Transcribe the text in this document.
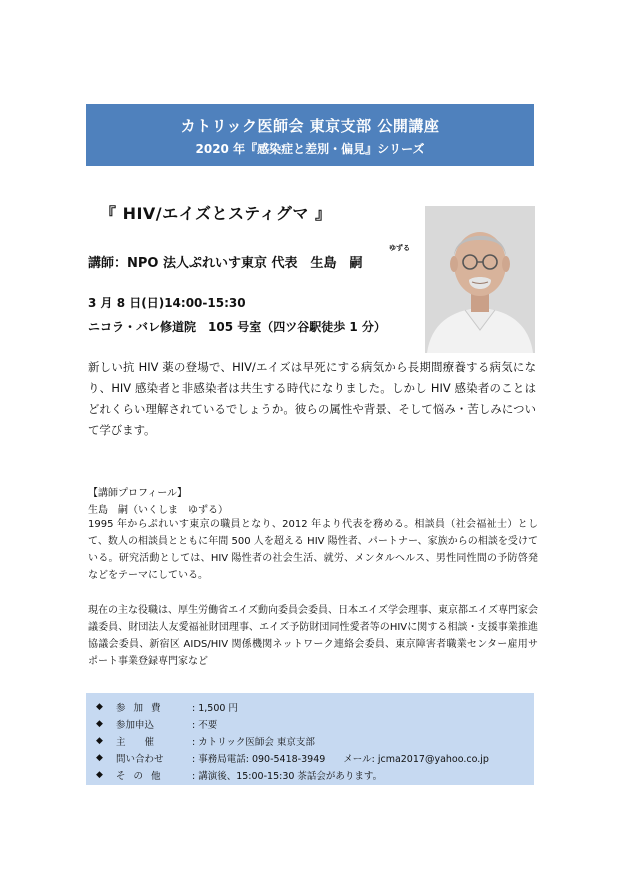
カトリック医師会 東京支部 公開講座
2020 年『感染症と差別・偏見』シリーズ
『 HIV/エイズとスティグマ 』
講師：NPO 法人ぷれいす東京 代表　生島　嗣
ゆずる
3 月 8 日(日)14:00-15:30
ニコラ・バレ修道院　105 号室（四ツ谷駅徒歩 1 分）
新しい抗 HIV 薬の登場で、HIV/エイズは早死にする病気から長期間療養する病気になり、HIV 感染者と非感染者は共生する時代になりました。しかし HIV 感染者のことはどれくらい理解されているでしょうか。彼らの属性や背景、そして悩み・苦しみについて学びます。
【講師プロフィール】
生島　嗣（いくしま　ゆずる）
1995 年からぷれいす東京の職員となり、2012 年より代表を務める。相談員（社会福祉士）として、数人の相談員とともに年間 500 人を超える HIV 陽性者、パートナー、家族からの相談を受けている。研究活動としては、HIV 陽性者の社会生活、就労、メンタルヘルス、男性同性間の予防啓発などをテーマにしている。
現在の主な役職は、厚生労働省エイズ動向委員会委員、日本エイズ学会理事、東京都エイズ専門家会議委員、財団法人友愛福祉財団理事、エイズ予防財団同性愛者等のHIVに関する相談・支援事業推進協議会委員、新宿区 AIDS/HIV 関係機関ネットワーク連絡会委員、東京障害者職業センター雇用サポート事業登録専門家など
◆	参 加 費	: 1,500 円
◆	参加申込	: 不要
◆	主　　催	: カトリック医師会 東京支部
◆	問い合わせ	: 事務局電話: 090-5418-3949 メール: jcma2017@yahoo.co.jp
◆	そ の 他	: 講演後、15:00-15:30 茶話会があります。
